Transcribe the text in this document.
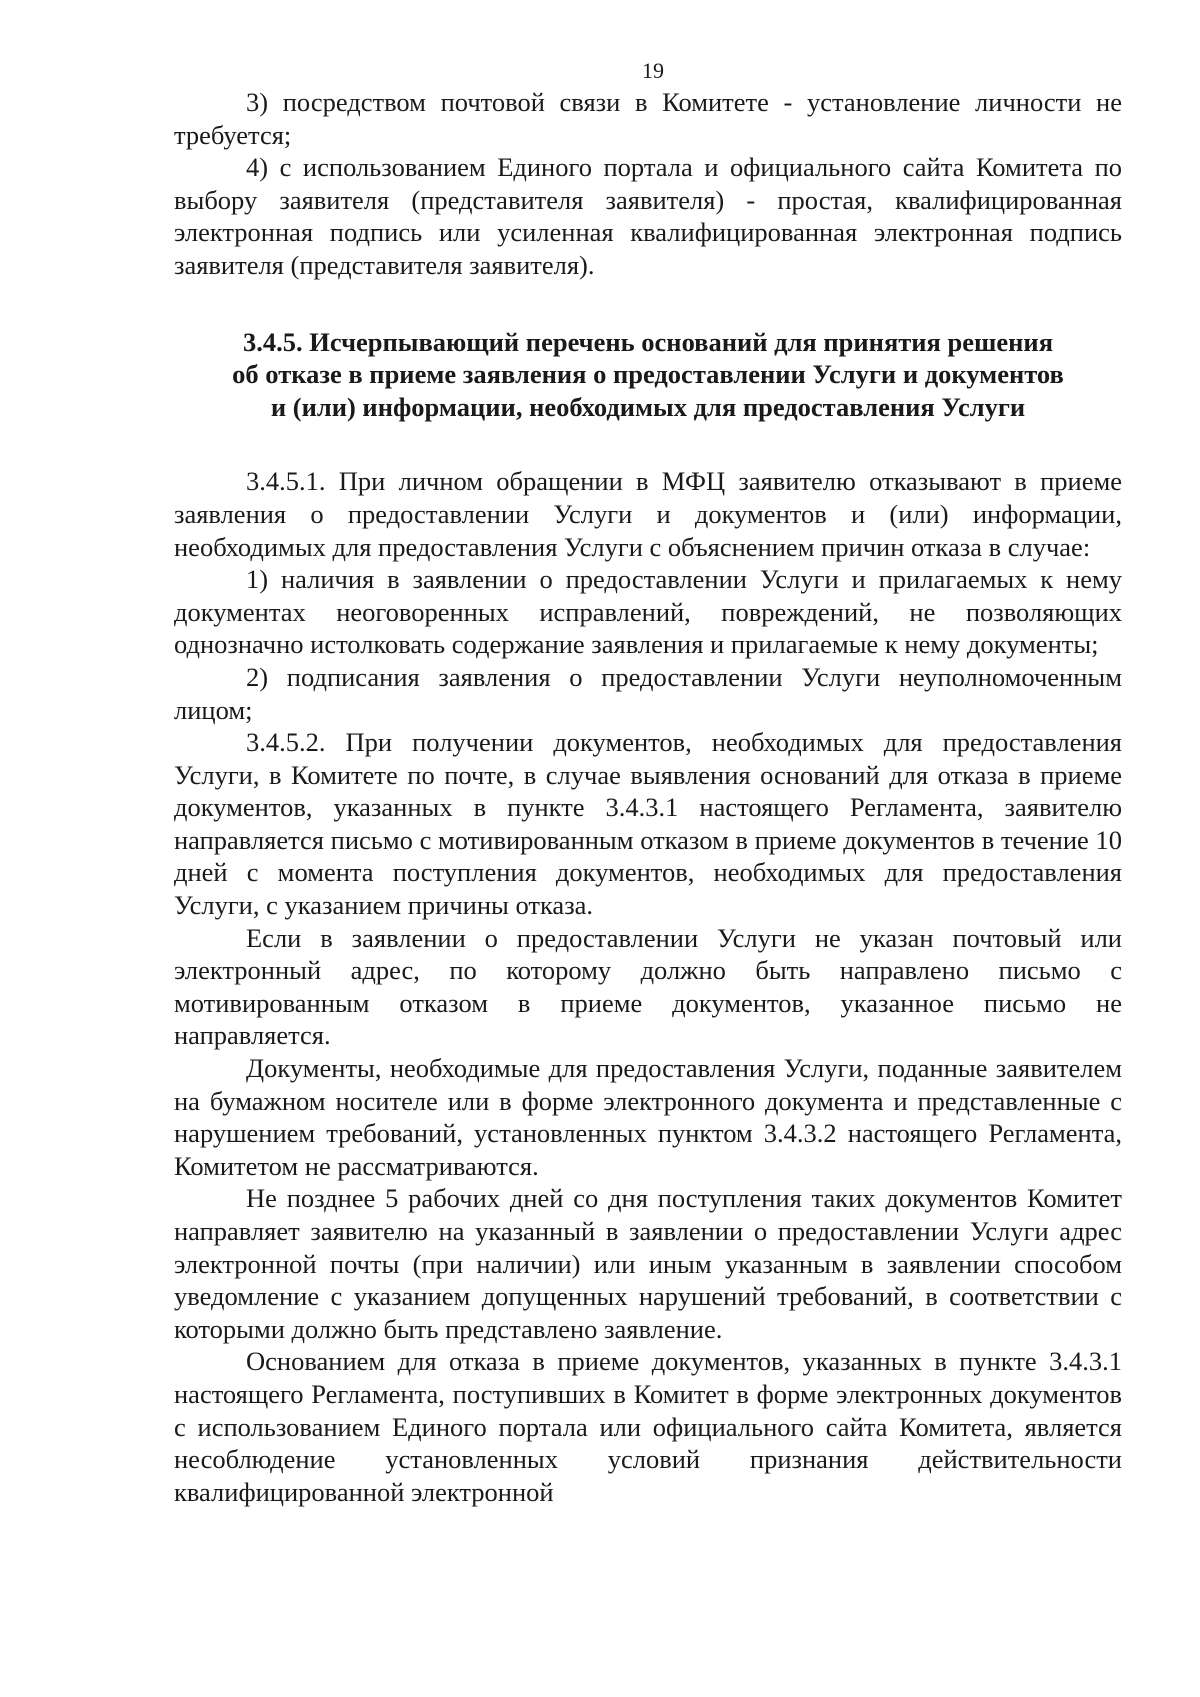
19

3) посредством почтовой связи в Комитете - установление личности не требуется;

4) с использованием Единого портала и официального сайта Комитета по выбору заявителя (представителя заявителя) - простая, квалифицированная электронная подпись или усиленная квалифицированная электронная подпись заявителя (представителя заявителя).

3.4.5. Исчерпывающий перечень оснований для принятия решения

об отказе в приеме заявления о предоставлении Услуги и документов

и (или) информации, необходимых для предоставления Услуги

3.4.5.1. При личном обращении в МФЦ заявителю отказывают в приеме заявления о предоставлении Услуги и документов и (или) информации, необходимых для предоставления Услуги с объяснением причин отказа в случае:

1) наличия в заявлении о предоставлении Услуги и прилагаемых к нему документах неоговоренных исправлений, повреждений, не позволяющих однозначно истолковать содержание заявления и прилагаемые к нему документы;

2) подписания заявления о предоставлении Услуги неуполномоченным лицом;

3.4.5.2. При получении документов, необходимых для предоставления Услуги, в Комитете по почте, в случае выявления оснований для отказа в приеме документов, указанных в пункте 3.4.3.1 настоящего Регламента, заявителю направляется письмо с мотивированным отказом в приеме документов в течение 10 дней с момента поступления документов, необходимых для предоставления Услуги, с указанием причины отказа.

Если в заявлении о предоставлении Услуги не указан почтовый или электронный адрес, по которому должно быть направлено письмо с мотивированным отказом в приеме документов, указанное письмо не направляется.

Документы, необходимые для предоставления Услуги, поданные заявителем на бумажном носителе или в форме электронного документа и представленные с нарушением требований, установленных пунктом 3.4.3.2 настоящего Регламента, Комитетом не рассматриваются.

Не позднее 5 рабочих дней со дня поступления таких документов Комитет направляет заявителю на указанный в заявлении о предоставлении Услуги адрес электронной почты (при наличии) или иным указанным в заявлении способом уведомление с указанием допущенных нарушений требований, в соответствии с которыми должно быть представлено заявление.

Основанием для отказа в приеме документов, указанных в пункте 3.4.3.1 настоящего Регламента, поступивших в Комитет в форме электронных документов с использованием Единого портала или официального сайта Комитета, является несоблюдение установленных условий признания действительности квалифицированной электронной
